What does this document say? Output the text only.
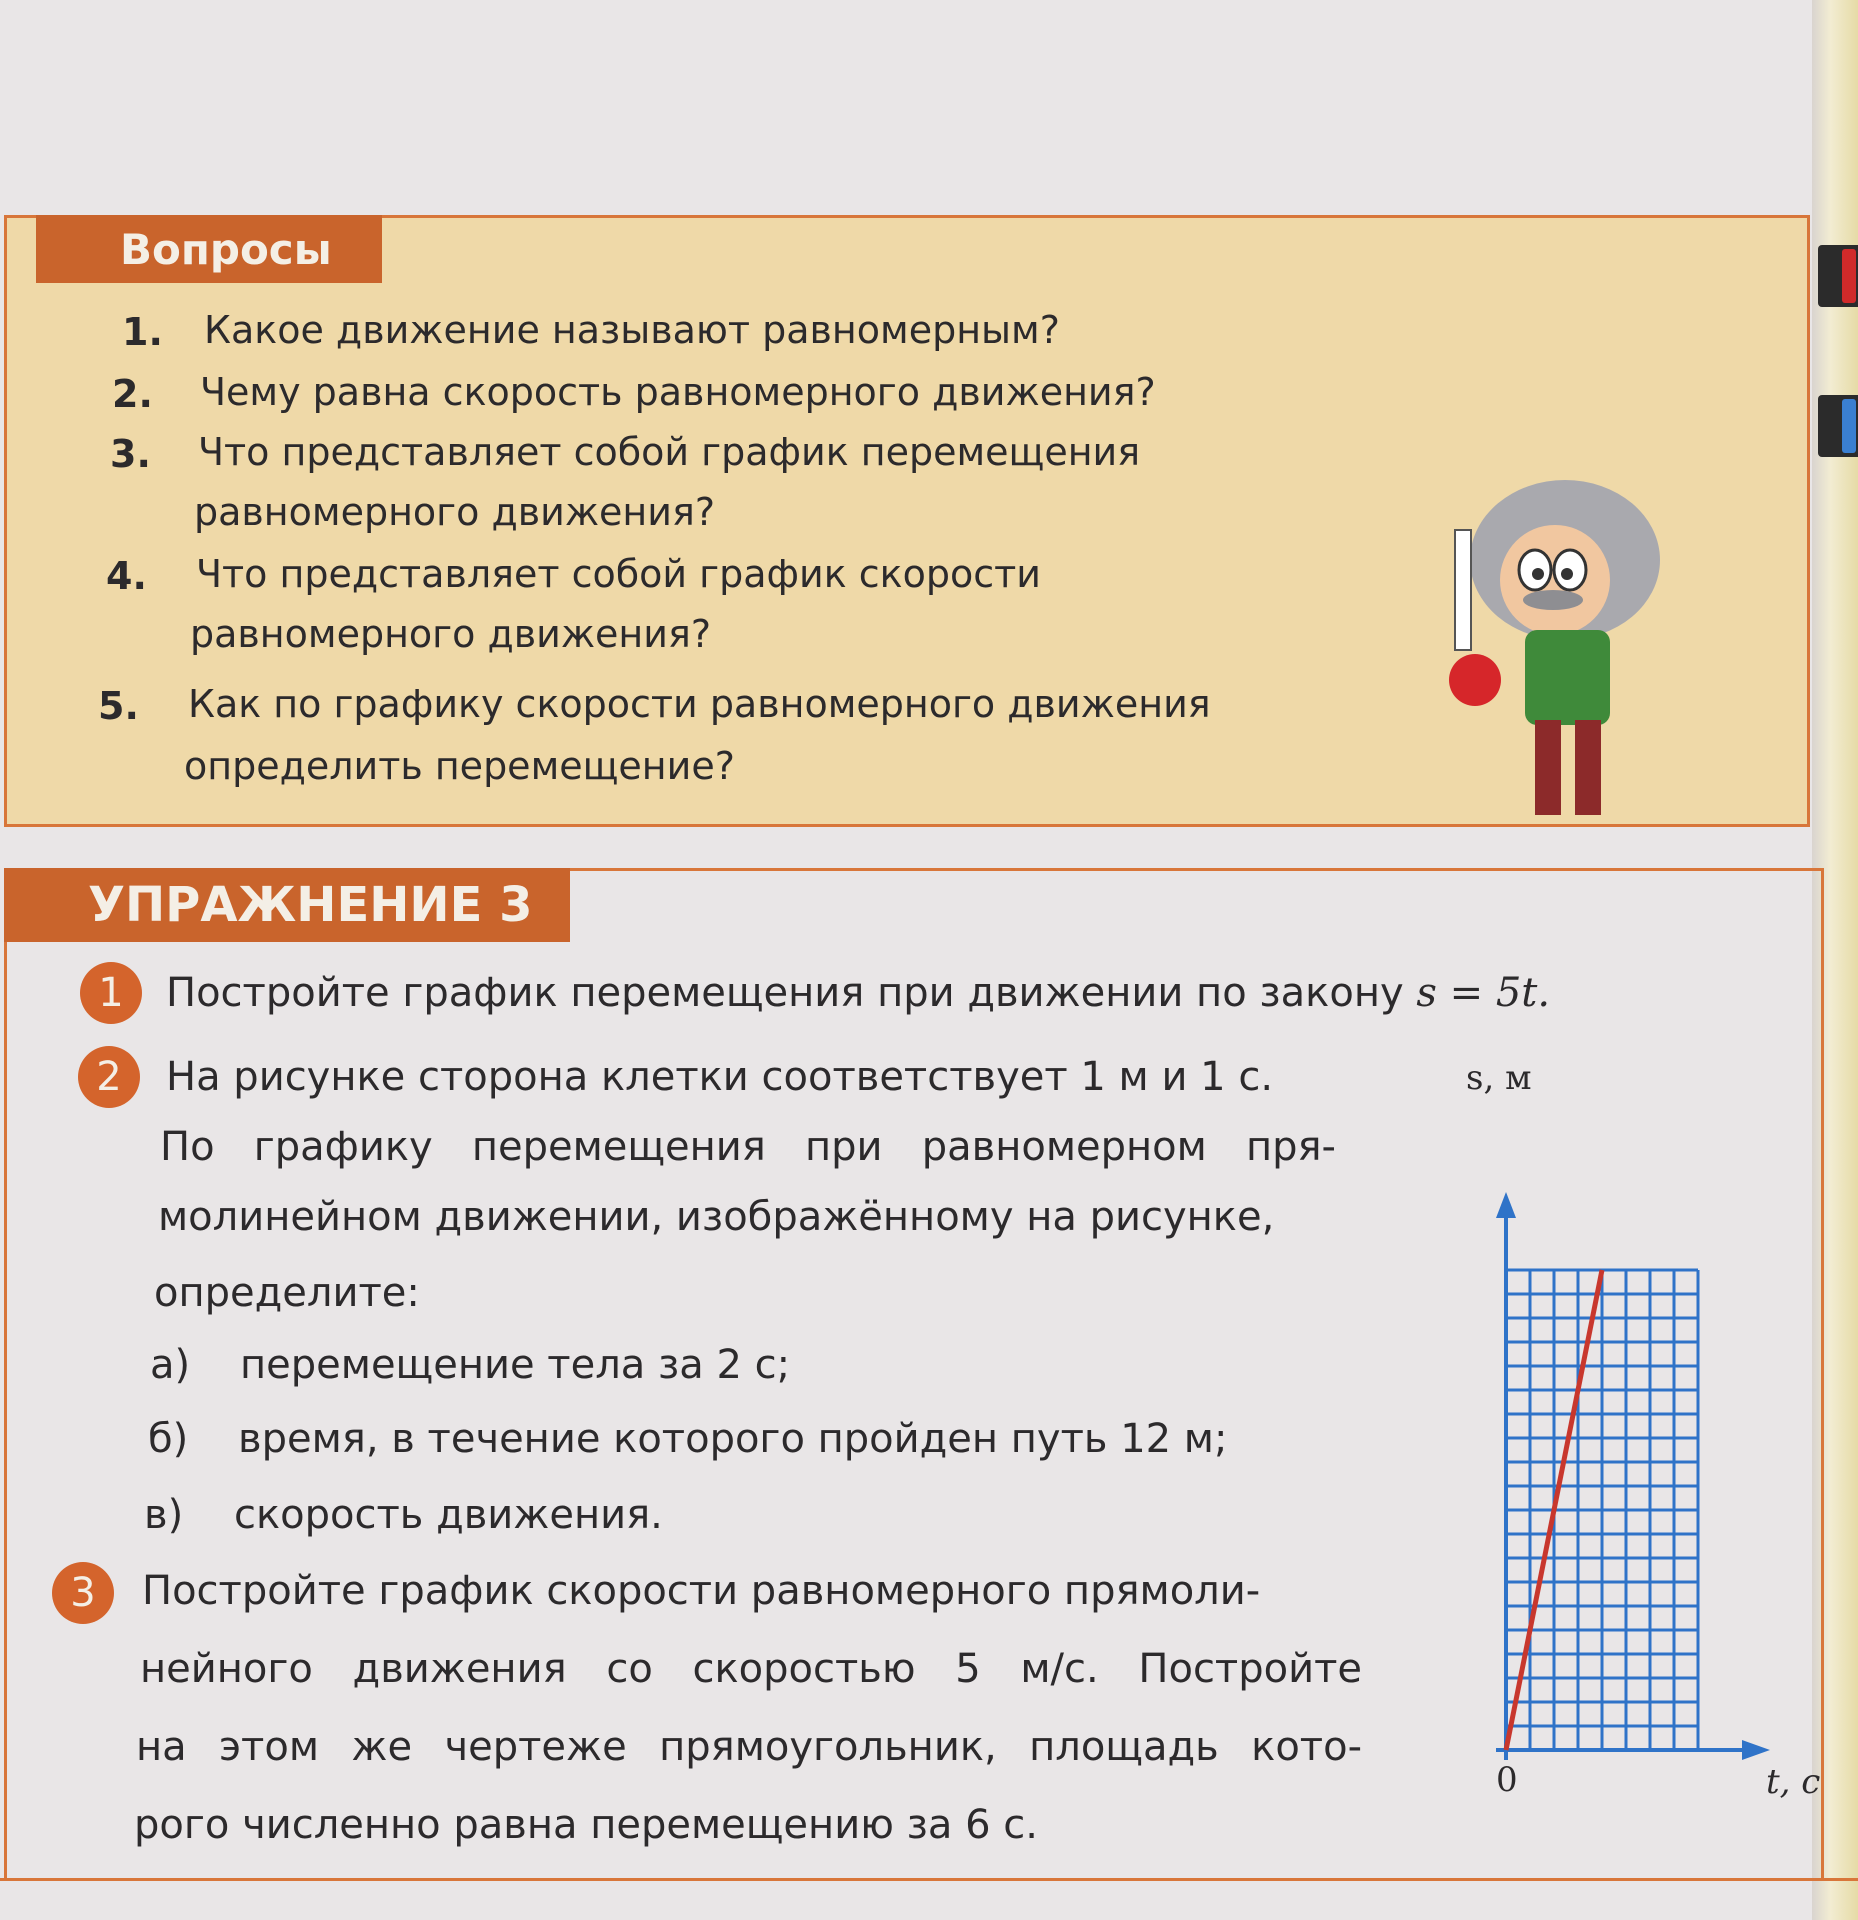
Вопросы
1. Какое движение называют равномерным?
2. Чему равна скорость равномерного движения?
3. Что представляет собой график перемещения
равномерного движения?
4. Что представляет собой график скорости
равномерного движения?
5. Как по графику скорости равномерного движения
определить перемещение?
УПРАЖНЕНИЕ 3
1	Постройте график перемещения при движении по закону s = 5t.
2	На рисунке сторона клетки соответствует 1 м и 1 с.
По графику перемещения при равномерном пря-
молинейном движении, изображённому на рисунке,
определите:
а) перемещение тела за 2 с;
б) время, в течение которого пройден путь 12 м;
в) скорость движения.
3	Постройте график скорости равномерного прямоли-
нейного движения со скоростью 5 м/с. Постройте
на этом же чертеже прямоугольник, площадь кото-
рого численно равна перемещению за 6 с.
s, м
t, c
0
